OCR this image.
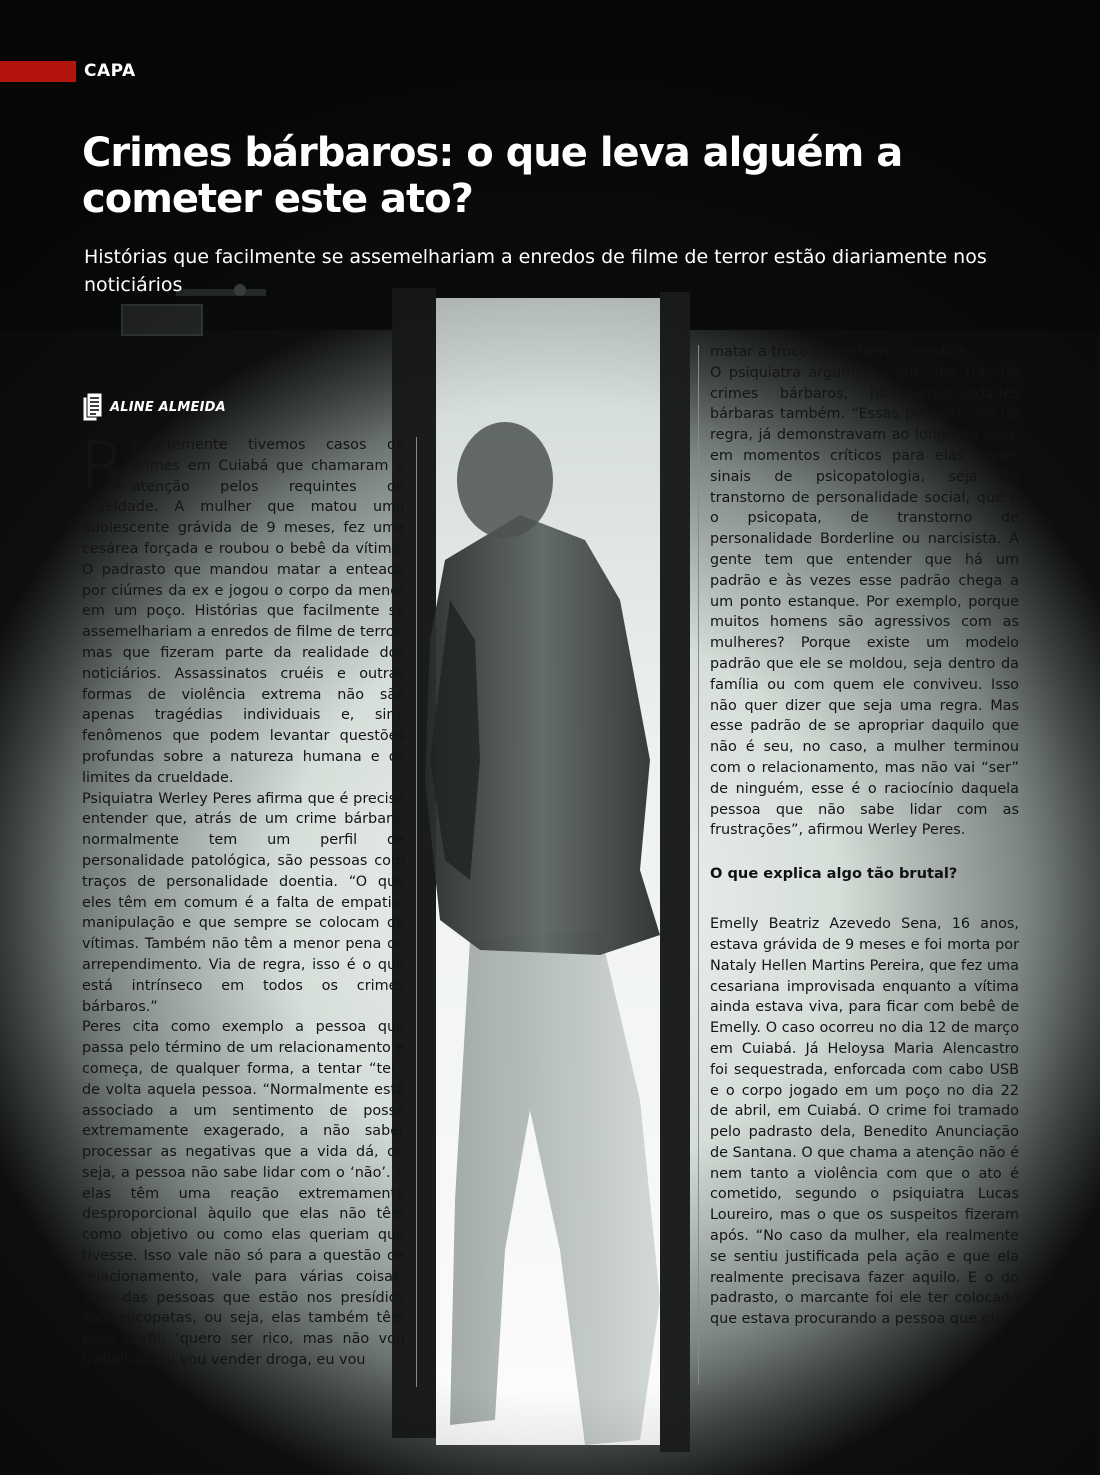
CAPA
Crimes bárbaros: o que leva alguém a cometer este ato?

Histórias que facilmente se assemelhariam a enredos de filme de terror estão diariamente nos noticiários

ALINE ALMEIDA

Recentemente tivemos casos de crimes em Cuiabá que chamaram a atenção pelos requintes de crueldade. A mulher que matou uma adolescente grávida de 9 meses, fez uma cesárea forçada e roubou o bebê da vítima. O padrasto que mandou matar a enteada por ciúmes da ex e jogou o corpo da menor em um poço. Histórias que facilmente se assemelhariam a enredos de filme de terror, mas que fizeram parte da realidade dos noticiários. Assassinatos cruéis e outras formas de violência extrema não são apenas tragédias individuais e, sim, fenômenos que podem levantar questões profundas sobre a natureza humana e os limites da crueldade.

Psiquiatra Werley Peres afirma que é preciso entender que, atrás de um crime bárbaro, normalmente tem um perfil de personalidade patológica, são pessoas com traços de personalidade doentia. “O que eles têm em comum é a falta de empatia, manipulação e que sempre se colocam de vítimas. Também não têm a menor pena ou arrependimento. Via de regra, isso é o que está intrínseco em todos os crimes bárbaros.”

Peres cita como exemplo a pessoa que passa pelo término de um relacionamento e começa, de qualquer forma, a tentar “ter” de volta aquela pessoa. “Normalmente está associado a um sentimento de posse extremamente exagerado, a não saber processar as negativas que a vida dá, ou seja, a pessoa não sabe lidar com o ‘não’. E elas têm uma reação extremamente desproporcional àquilo que elas não têm como objetivo ou como elas queriam que tivesse. Isso vale não só para a questão de relacionamento, vale para várias coisas. 30% das pessoas que estão nos presídios são psicopatas, ou seja, elas também têm esse perfil: ‘quero ser rico, mas não vou trabalhar, eu vou vender droga, eu vou

matar a troco de dinheiro’”, explica.

O psiquiatra argumenta que, por trás de crimes bárbaros, há personalidades bárbaras também. “Essas pessoas, via de regra, já demonstravam ao longo da vida, em momentos críticos para elas, esses sinais de psicopatologia, seja de transtorno de personalidade social, que é o psicopata, de transtorno de personalidade Borderline ou narcisista. A gente tem que entender que há um padrão e às vezes esse padrão chega a um ponto estanque. Por exemplo, porque muitos homens são agressivos com as mulheres? Porque existe um modelo padrão que ele se moldou, seja dentro da família ou com quem ele conviveu. Isso não quer dizer que seja uma regra. Mas esse padrão de se apropriar daquilo que não é seu, no caso, a mulher terminou com o relacionamento, mas não vai “ser” de ninguém, esse é o raciocínio daquela pessoa que não sabe lidar com as frustrações”, afirmou Werley Peres.

O que explica algo tão brutal?

Emelly Beatriz Azevedo Sena, 16 anos, estava grávida de 9 meses e foi morta por Nataly Hellen Martins Pereira, que fez uma cesariana improvisada enquanto a vítima ainda estava viva, para ficar com bebê de Emelly. O caso ocorreu no dia 12 de março em Cuiabá. Já Heloysa Maria Alencastro foi sequestrada, enforcada com cabo USB e o corpo jogado em um poço no dia 22 de abril, em Cuiabá. O crime foi tramado pelo padrasto dela, Benedito Anunciação de Santana. O que chama a atenção não é nem tanto a violência com que o ato é cometido, segundo o psiquiatra Lucas Loureiro, mas o que os suspeitos fizeram após. “No caso da mulher, ela realmente se sentiu justificada pela ação e que ela realmente precisava fazer aquilo. E o do padrasto, o marcante foi ele ter colocado que estava procurando a pessoa que ele
